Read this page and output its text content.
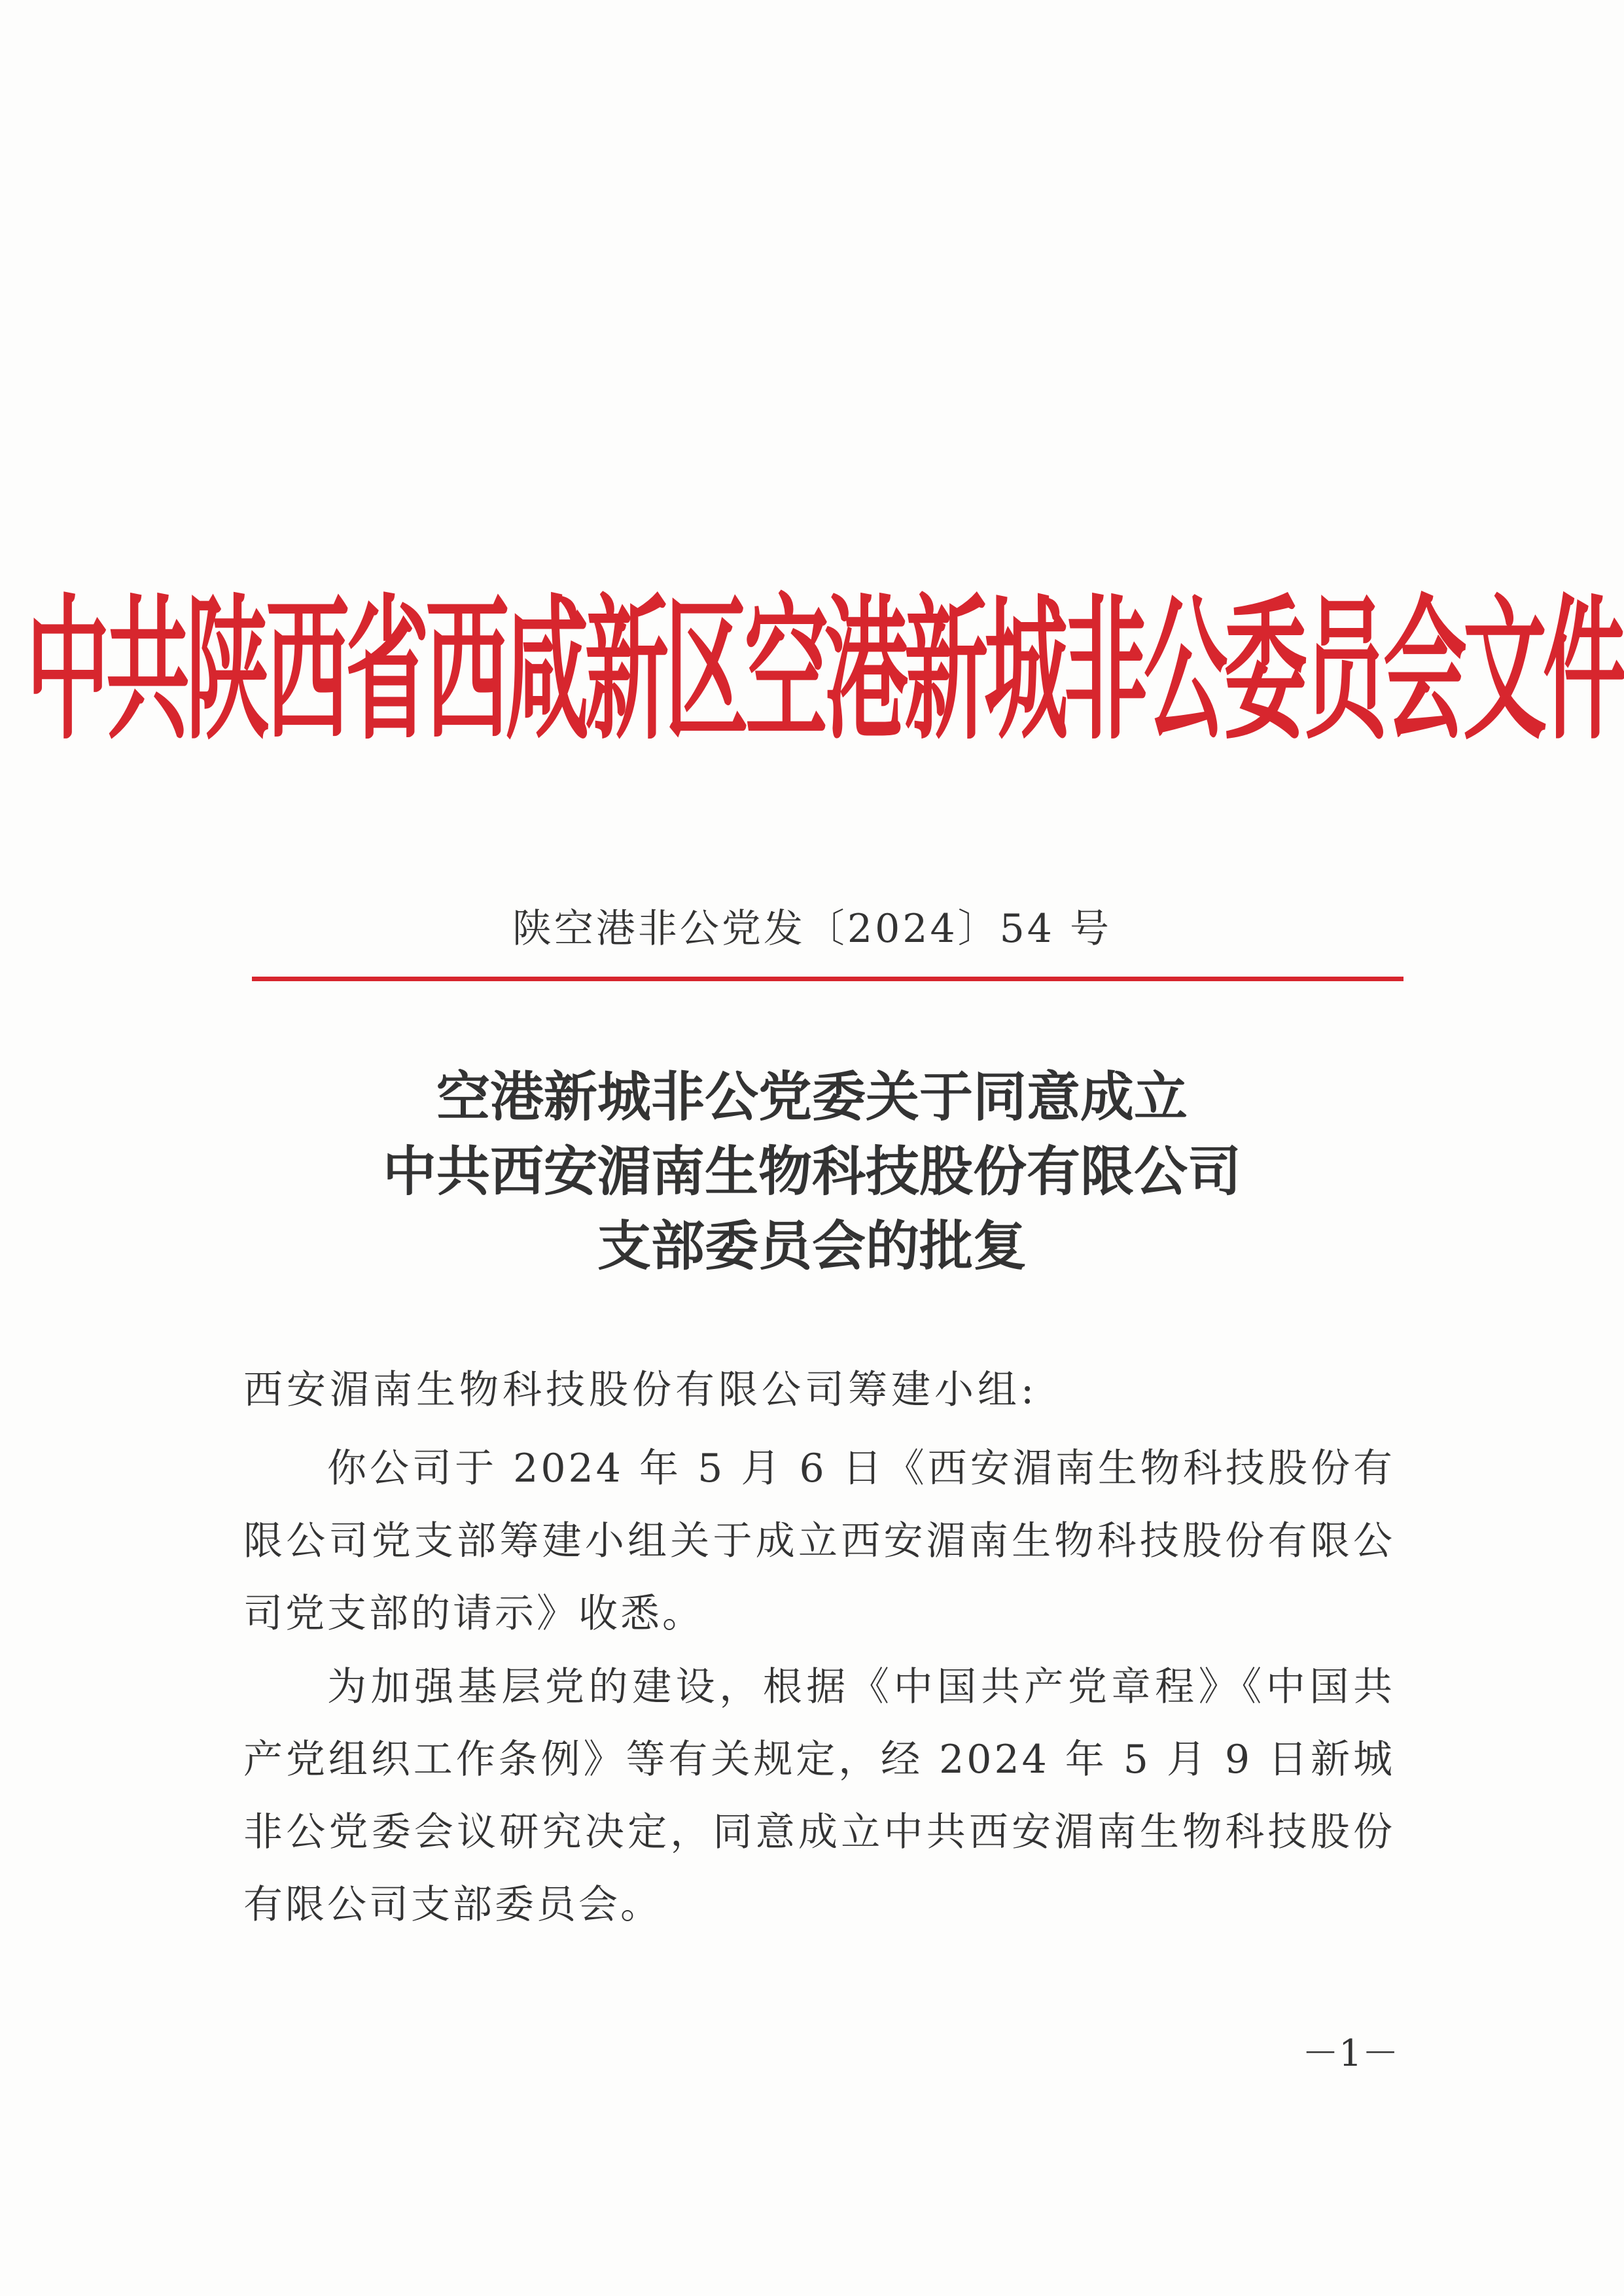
中共陕西省西咸新区空港新城非公委员会文件
陕空港非公党发〔2024〕54 号
空港新城非公党委关于同意成立
中共西安湄南生物科技股份有限公司
支部委员会的批复
西安湄南生物科技股份有限公司筹建小组:
你公司于 2024 年 5 月 6 日《西安湄南生物科技股份有限公司党支部筹建小组关于成立西安湄南生物科技股份有限公司党支部的请示》收悉。
为加强基层党的建设，根据《中国共产党章程》《中国共产党组织工作条例》等有关规定，经 2024 年 5 月 9 日新城非公党委会议研究决定，同意成立中共西安湄南生物科技股份有限公司支部委员会。
－1－
